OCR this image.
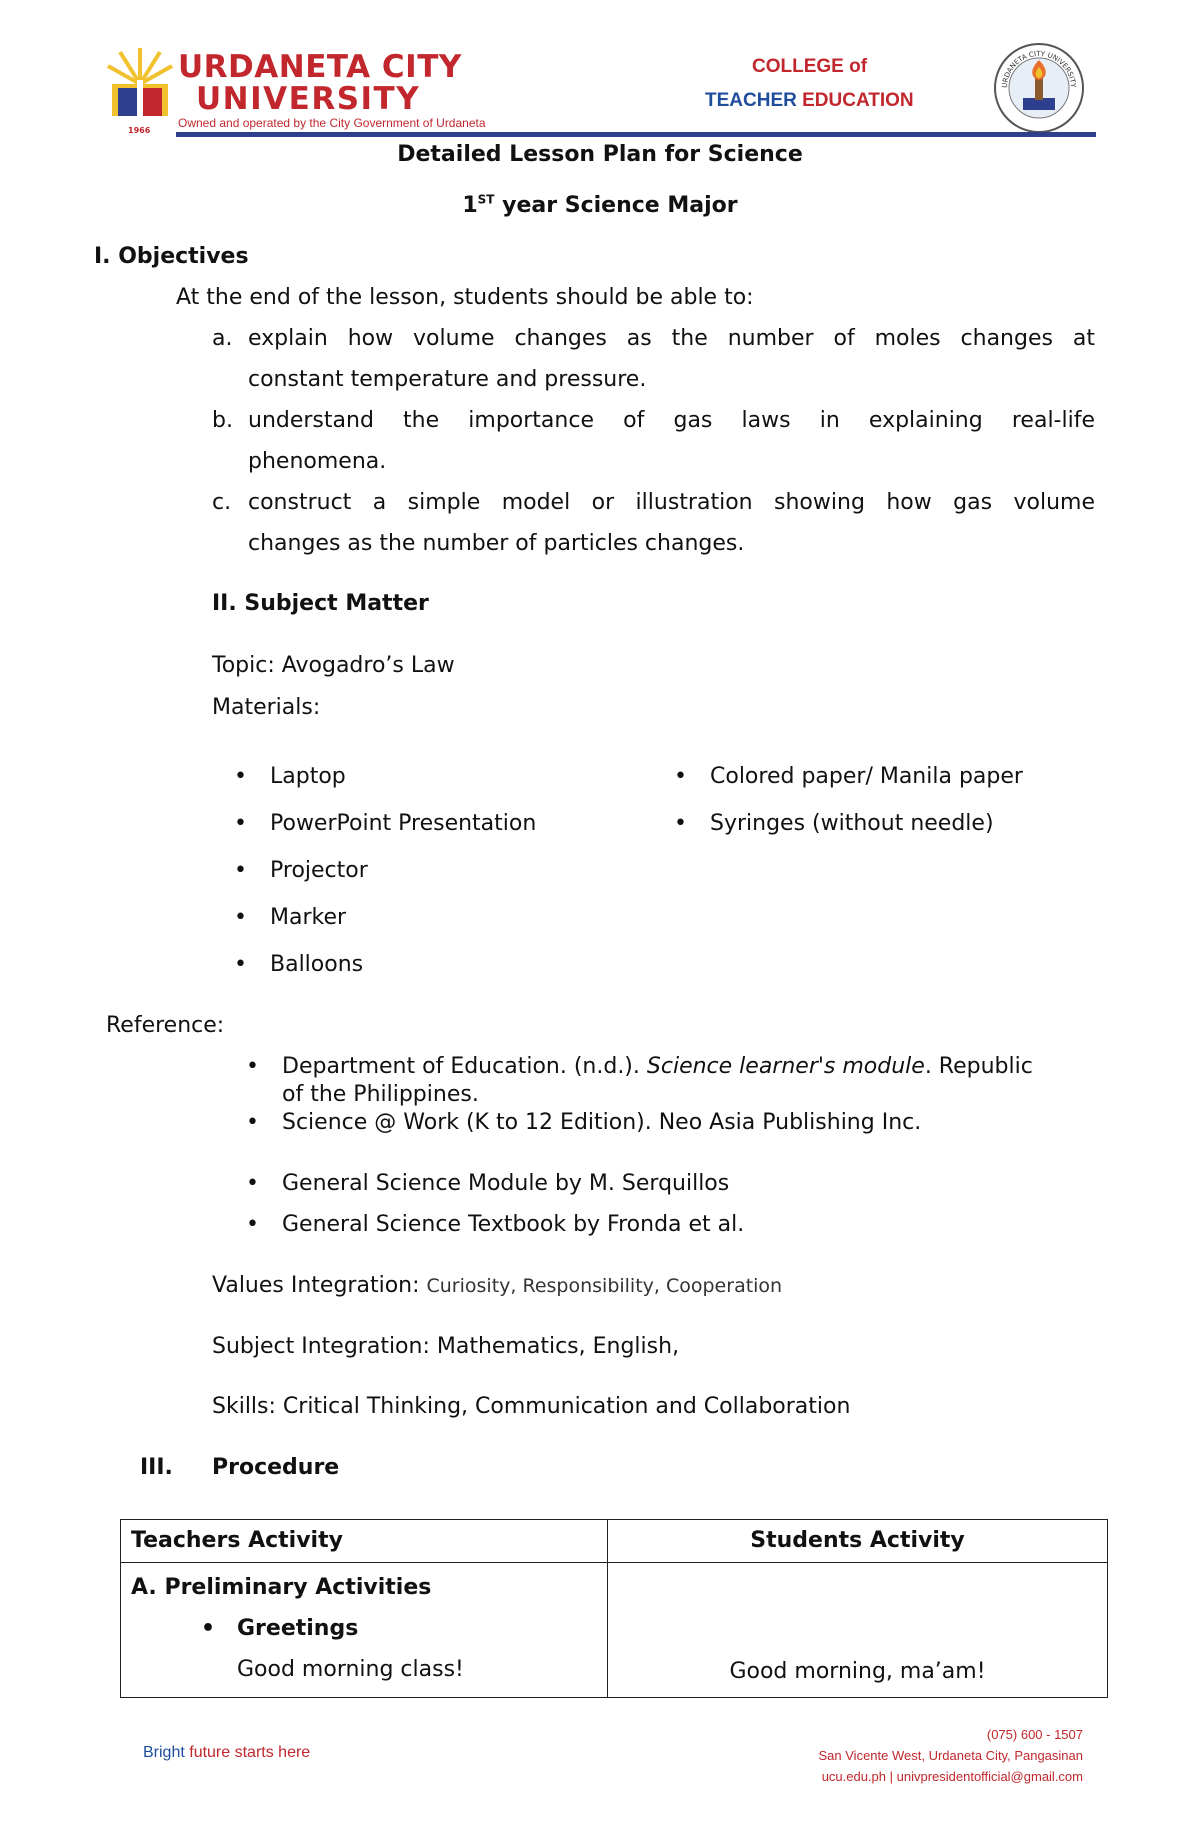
1966
URDANETA CITY
UNIVERSITY
Owned and operated by the City Government of Urdaneta
COLLEGE of
TEACHER EDUCATION
URDANETA CITY UNIVERSITY
Detailed Lesson Plan for Science
1ST year Science Major
I. Objectives
At the end of the lesson, students should be able to:
a. explain how volume changes as the number of moles changes at
constant temperature and pressure.
b. understand the importance of gas laws in explaining real-life
phenomena.
c. construct a simple model or illustration showing how gas volume
changes as the number of particles changes.
II. Subject Matter
Topic: Avogadro’s Law
Materials:
• Laptop
• PowerPoint Presentation
• Projector
• Marker
• Balloons
• Colored paper/ Manila paper
• Syringes (without needle)
Reference:
• Department of Education. (n.d.). Science learner's module. Republic
of the Philippines.
• Science @ Work (K to 12 Edition). Neo Asia Publishing Inc.
• General Science Module by M. Serquillos
• General Science Textbook by Fronda et al.
Values Integration: Curiosity, Responsibility, Cooperation
Subject Integration: Mathematics, English,
Skills: Critical Thinking, Communication and Collaboration
III. Procedure
Teachers Activity	Students Activity

A. Preliminary Activities
• Greetings
Good morning class!	Good morning, ma’am!
Bright future starts here
(075) 600 - 1507
San Vicente West, Urdaneta City, Pangasinan
ucu.edu.ph | univpresidentofficial@gmail.com
